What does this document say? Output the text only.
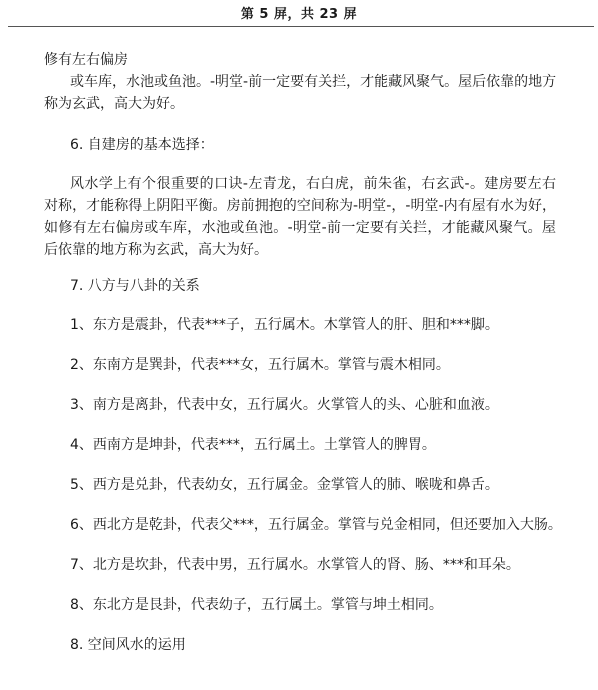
第 5 屏，共 23 屏
修有左右偏房
或车库，水池或鱼池。-明堂-前一定要有关拦，才能藏风聚气。屋后依靠的地方
称为玄武，高大为好。
6. 自建房的基本选择：

风水学上有个很重要的口诀-左青龙，右白虎，前朱雀，右玄武-。建房要左右对称，才能称得上阴阳平衡。房前拥抱的空间称为-明堂-，-明堂-内有屋有水为好，如修有左右偏房或车库，水池或鱼池。-明堂-前一定要有关拦，才能藏风聚气。屋后依靠的地方称为玄武，高大为好。

7. 八方与八卦的关系
1、东方是震卦，代表***子，五行属木。木掌管人的肝、胆和***脚。
2、东南方是巽卦，代表***女，五行属木。掌管与震木相同。
3、南方是离卦，代表中女，五行属火。火掌管人的头、心脏和血液。
4、西南方是坤卦，代表***，五行属土。土掌管人的脾胃。
5、西方是兑卦，代表幼女，五行属金。金掌管人的肺、喉咙和鼻舌。
6、西北方是乾卦，代表父***，五行属金。掌管与兑金相同，但还要加入大肠。
7、北方是坎卦，代表中男，五行属水。水掌管人的肾、肠、***和耳朵。
8、东北方是艮卦，代表幼子，五行属土。掌管与坤土相同。
8. 空间风水的运用
